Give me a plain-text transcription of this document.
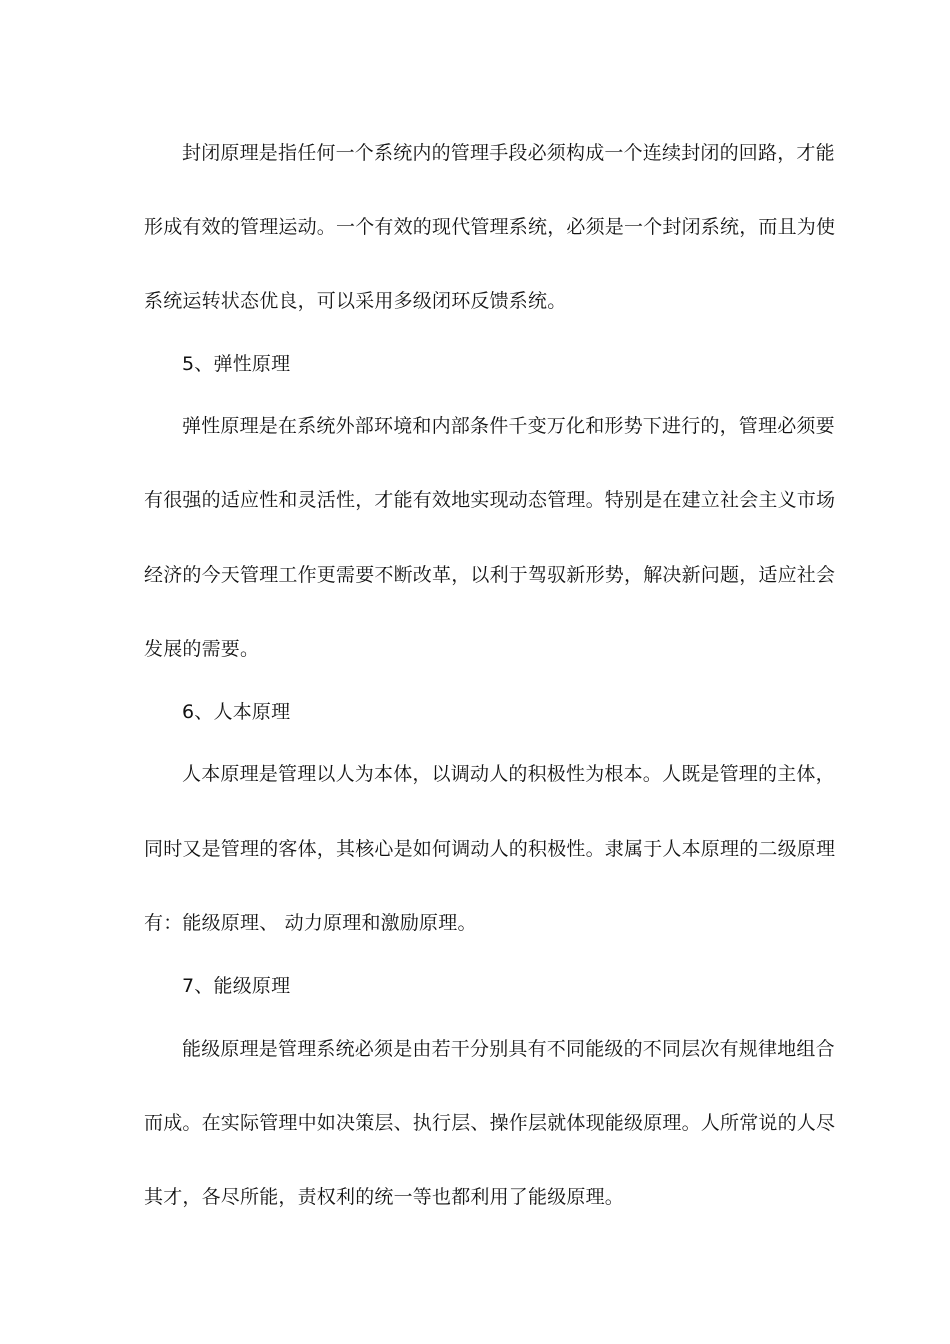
封闭原理是指任何一个系统内的管理手段必须构成一个连续封闭的回路，才能
形成有效的管理运动。一个有效的现代管理系统，必须是一个封闭系统，而且为使
系统运转状态优良，可以采用多级闭环反馈系统。
5、弹性原理
弹性原理是在系统外部环境和内部条件千变万化和形势下进行的，管理必须要
有很强的适应性和灵活性，才能有效地实现动态管理。特别是在建立社会主义市场
经济的今天管理工作更需要不断改革，以利于驾驭新形势，解决新问题，适应社会
发展的需要。
6、人本原理
人本原理是管理以人为本体，以调动人的积极性为根本。人既是管理的主体，
同时又是管理的客体，其核心是如何调动人的积极性。隶属于人本原理的二级原理
有：能级原理、 动力原理和激励原理。
7、能级原理
能级原理是管理系统必须是由若干分别具有不同能级的不同层次有规律地组合
而成。在实际管理中如决策层、执行层、操作层就体现能级原理。人所常说的人尽
其才，各尽所能，责权利的统一等也都利用了能级原理。
